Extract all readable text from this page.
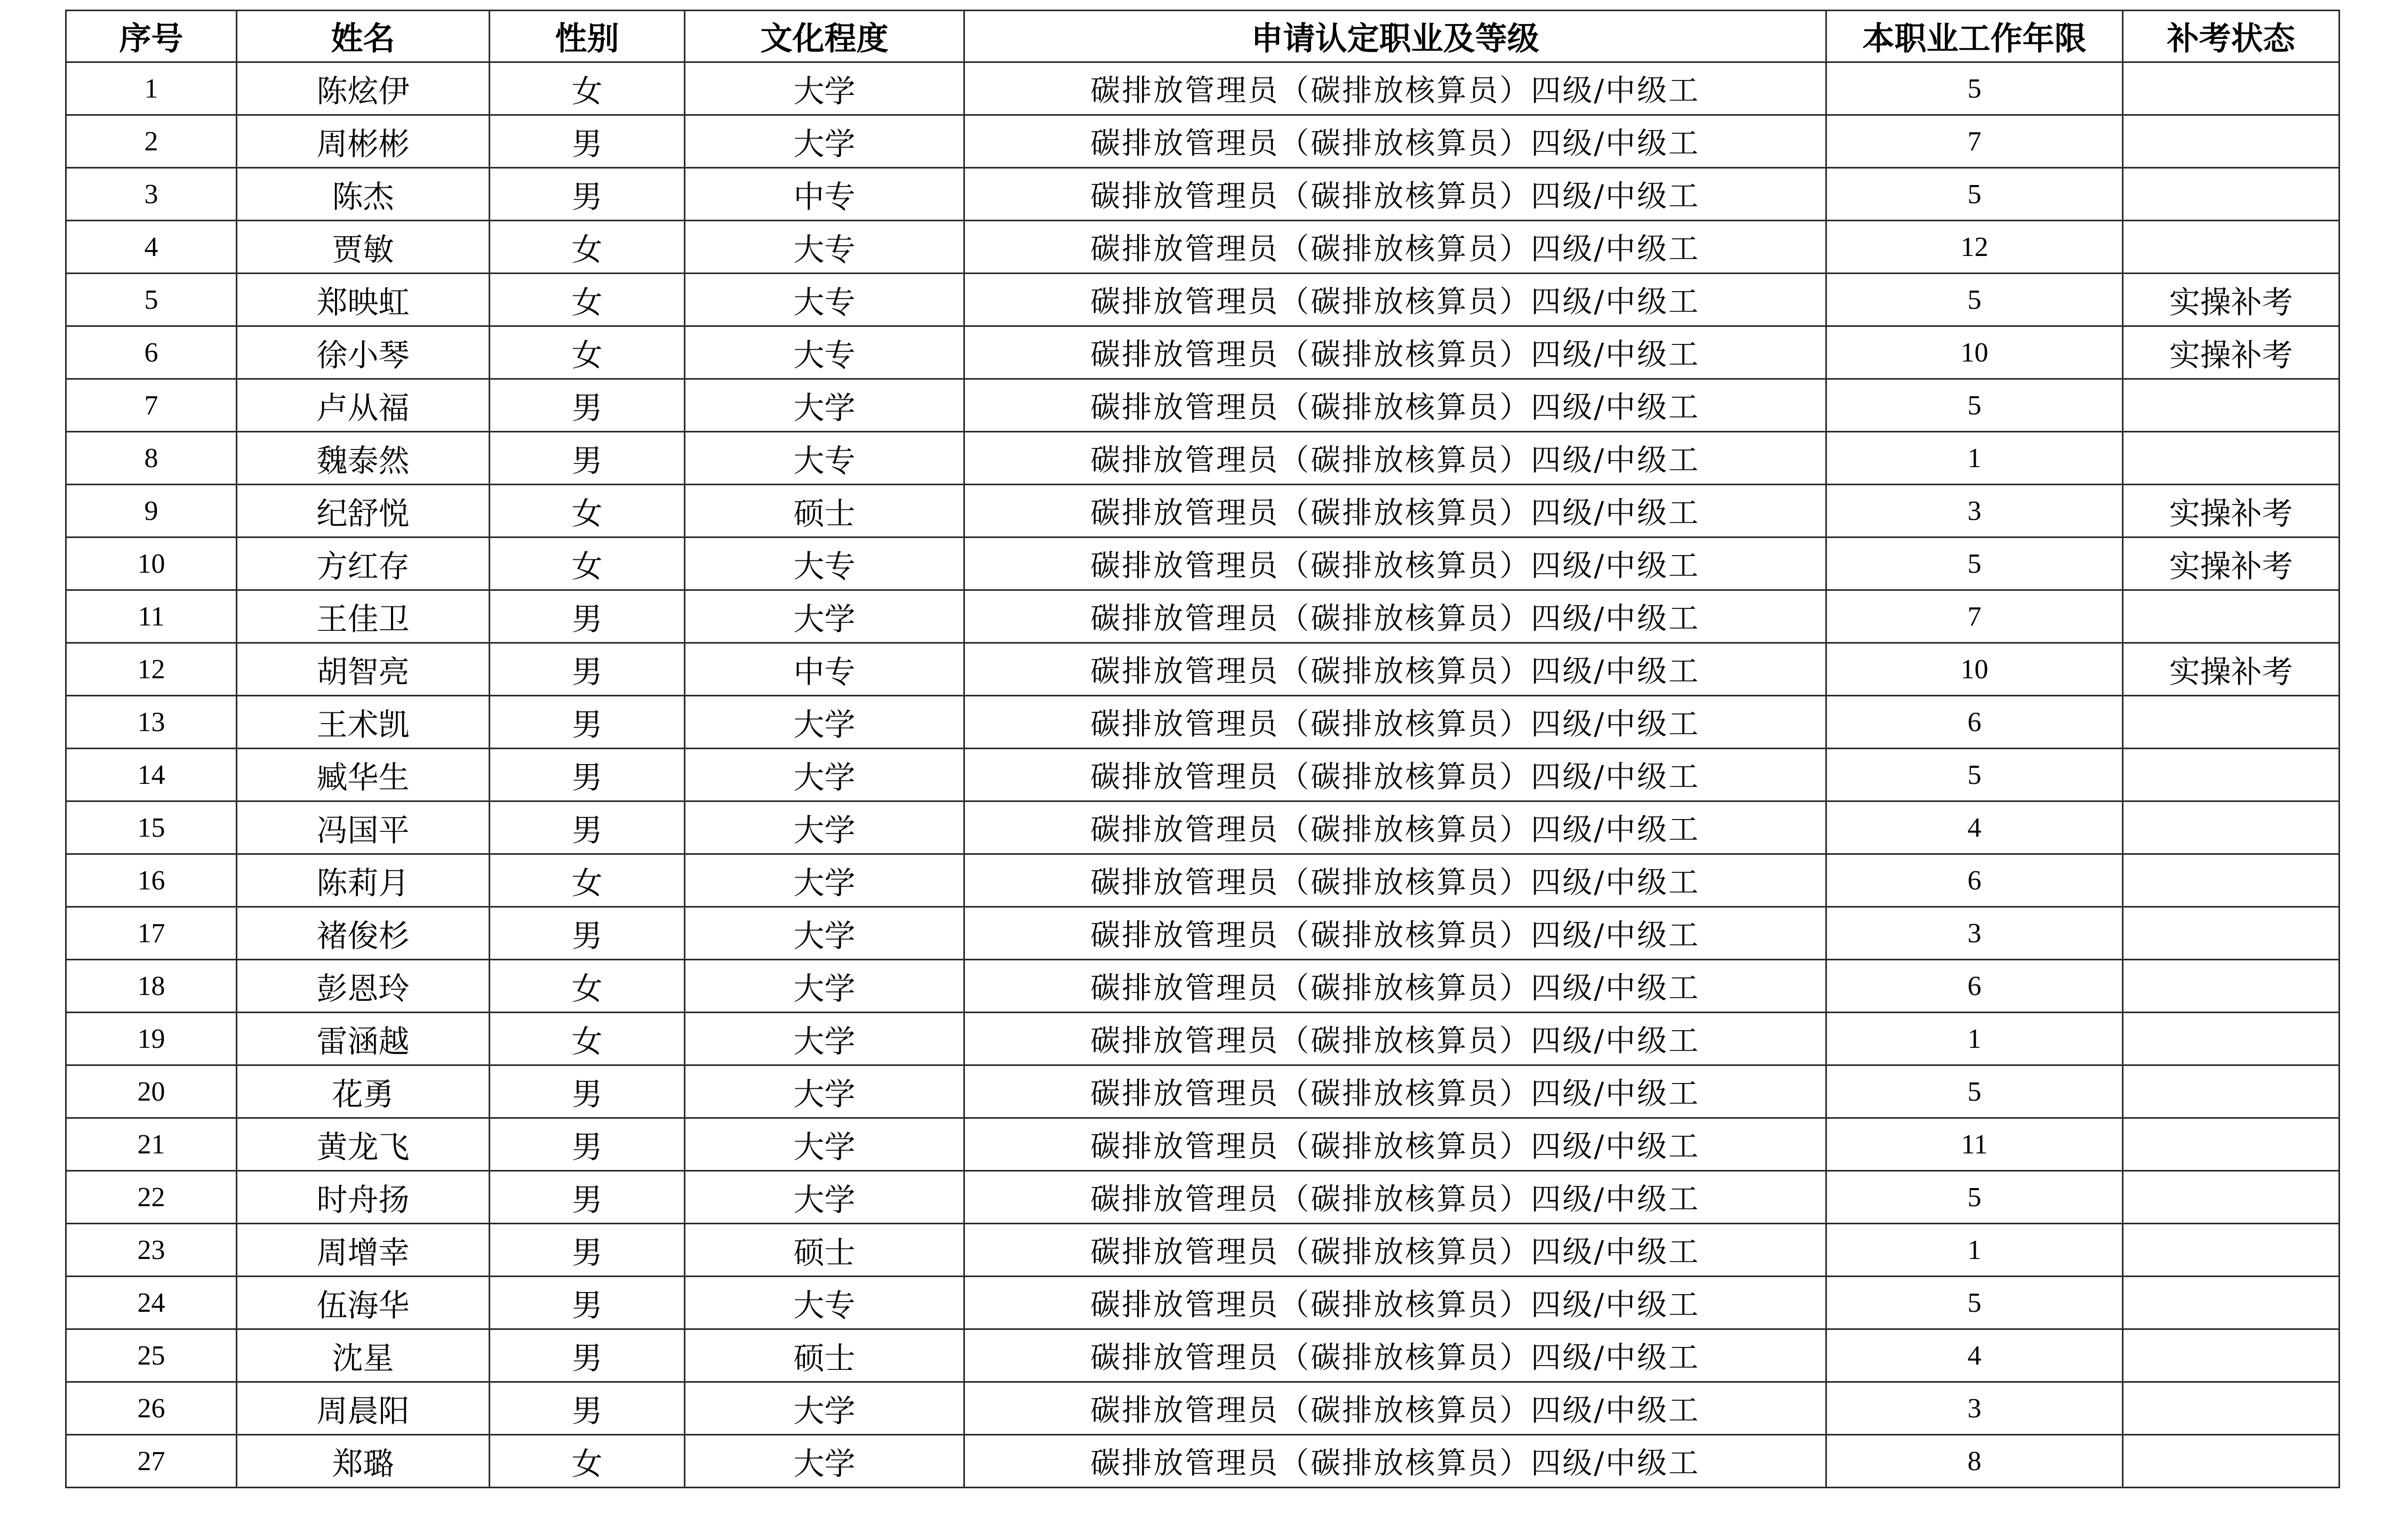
序号	姓名	性别	文化程度	申请认定职业及等级	本职业工作年限	补考状态
1	陈炫伊	女	大学	碳排放管理员（碳排放核算员）四级/中级工	5	
2	周彬彬	男	大学	碳排放管理员（碳排放核算员）四级/中级工	7	
3	陈杰	男	中专	碳排放管理员（碳排放核算员）四级/中级工	5	
4	贾敏	女	大专	碳排放管理员（碳排放核算员）四级/中级工	12	
5	郑映虹	女	大专	碳排放管理员（碳排放核算员）四级/中级工	5	实操补考
6	徐小琴	女	大专	碳排放管理员（碳排放核算员）四级/中级工	10	实操补考
7	卢从福	男	大学	碳排放管理员（碳排放核算员）四级/中级工	5	
8	魏泰然	男	大专	碳排放管理员（碳排放核算员）四级/中级工	1	
9	纪舒悦	女	硕士	碳排放管理员（碳排放核算员）四级/中级工	3	实操补考
10	方红存	女	大专	碳排放管理员（碳排放核算员）四级/中级工	5	实操补考
11	王佳卫	男	大学	碳排放管理员（碳排放核算员）四级/中级工	7	
12	胡智亮	男	中专	碳排放管理员（碳排放核算员）四级/中级工	10	实操补考
13	王术凯	男	大学	碳排放管理员（碳排放核算员）四级/中级工	6	
14	臧华生	男	大学	碳排放管理员（碳排放核算员）四级/中级工	5	
15	冯国平	男	大学	碳排放管理员（碳排放核算员）四级/中级工	4	
16	陈莉月	女	大学	碳排放管理员（碳排放核算员）四级/中级工	6	
17	褚俊杉	男	大学	碳排放管理员（碳排放核算员）四级/中级工	3	
18	彭恩玲	女	大学	碳排放管理员（碳排放核算员）四级/中级工	6	
19	雷涵越	女	大学	碳排放管理员（碳排放核算员）四级/中级工	1	
20	花勇	男	大学	碳排放管理员（碳排放核算员）四级/中级工	5	
21	黄龙飞	男	大学	碳排放管理员（碳排放核算员）四级/中级工	11	
22	时舟扬	男	大学	碳排放管理员（碳排放核算员）四级/中级工	5	
23	周增幸	男	硕士	碳排放管理员（碳排放核算员）四级/中级工	1	
24	伍海华	男	大专	碳排放管理员（碳排放核算员）四级/中级工	5	
25	沈星	男	硕士	碳排放管理员（碳排放核算员）四级/中级工	4	
26	周晨阳	男	大学	碳排放管理员（碳排放核算员）四级/中级工	3	
27	郑璐	女	大学	碳排放管理员（碳排放核算员）四级/中级工	8	
